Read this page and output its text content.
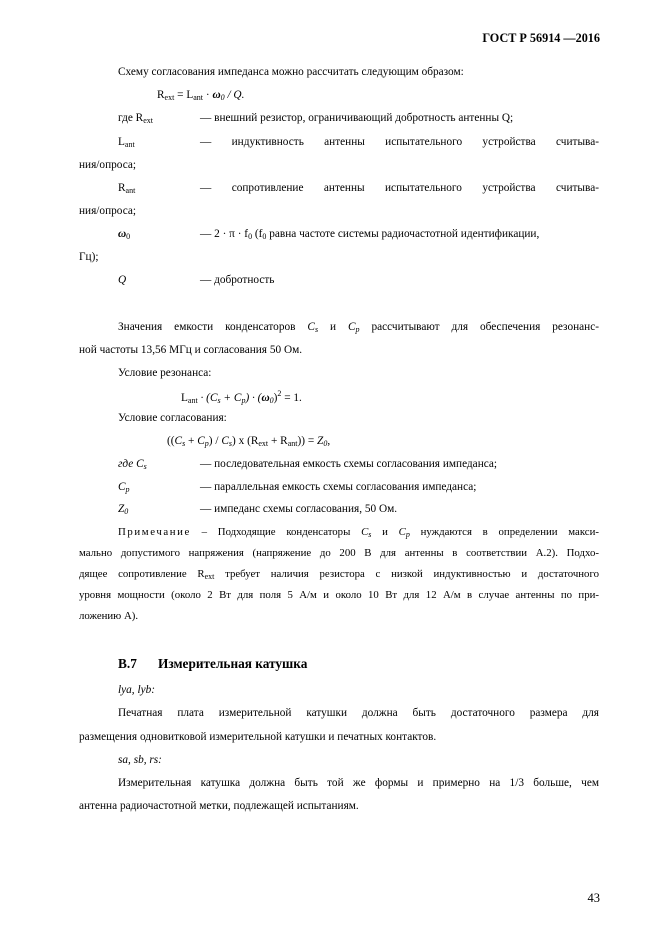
ГОСТ Р 56914 —2016
Схему согласования импеданса можно рассчитать следующим образом:
$R_{ext} = L_{ant} \cdot \omega_0 / Q$.
где $R_{ext}$	— внешний резистор, ограничивающий добротность антенны Q;
$L_{ant}$	— индуктивность антенны испытательного устройства считыва-
ния/опроса;
$R_{ant}$	— сопротивление антенны испытательного устройства считыва-
ния/опроса;
$\omega_0$	— $2 \cdot \pi \cdot f_0$ ($f_0$ равна частоте системы радиочастотной идентификации,
Гц);
Q	— добротность
Значения емкости конденсаторов $C_s$ и $C_p$ рассчитывают для обеспечения резонанс-
ной частоты 13,56 МГц и согласования 50 Ом.
Условие резонанса:
$L_{ant} \cdot (C_s + C_p) \cdot (\omega_0)^2 = 1$.
Условие согласования:
$((C_s + C_p) / C_s)$ x $(R_{ext} + R_{ant})) = Z_0$,
где $C_s$	— последовательная емкость схемы согласования импеданса;
$C_p$	— параллельная емкость схемы согласования импеданса;
$Z_0$	— импеданс схемы согласования, 50 Ом.
Примечание – Подходящие конденсаторы $C_s$ и $C_p$ нуждаются в определении макси-
мально допустимого напряжения (напряжение до 200 В для антенны в соответствии А.2). Подхо-
дящее сопротивление $R_{ext}$ требует наличия резистора с низкой индуктивностью и достаточного
уровня мощности (около 2 Вт для поля 5 А/м и около 10 Вт для 12 А/м в случае антенны по при-
ложению А).
В.7 Измерительная катушка
lya, lyb:
Печатная плата измерительной катушки должна быть достаточного размера для
размещения одновитковой измерительной катушки и печатных контактов.
sa, sb, rs:
Измерительная катушка должна быть той же формы и примерно на 1/3 больше, чем
антенна радиочастотной метки, подлежащей испытаниям.
43
